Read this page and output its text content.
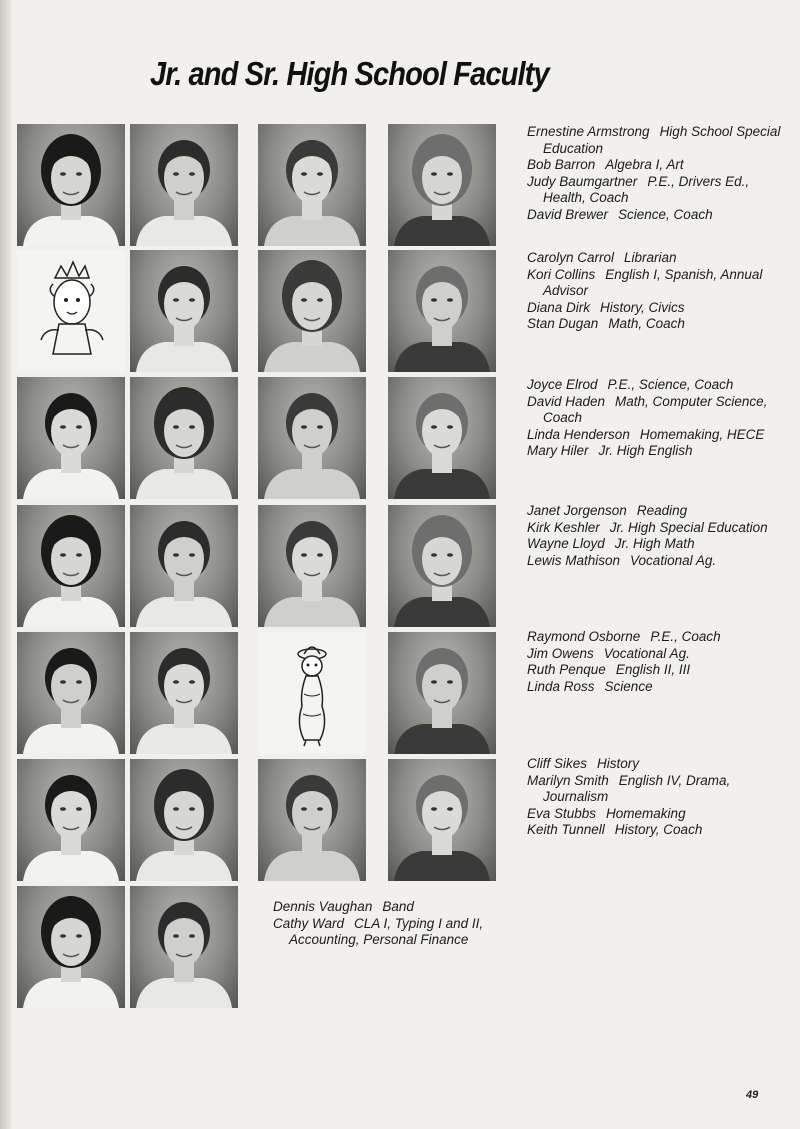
Jr. and Sr. High School Faculty
Ernestine Armstrong High School Special
Education
Bob Barron Algebra I, Art
Judy Baumgartner P.E., Drivers Ed.,
Health, Coach
David Brewer Science, Coach
Carolyn Carrol Librarian
Kori Collins English I, Spanish, Annual
Advisor
Diana Dirk History, Civics
Stan Dugan Math, Coach
Joyce Elrod P.E., Science, Coach
David Haden Math, Computer Science,
Coach
Linda Henderson Homemaking, HECE
Mary Hiler Jr. High English
Janet Jorgenson Reading
Kirk Keshler Jr. High Special Education
Wayne Lloyd Jr. High Math
Lewis Mathison Vocational Ag.
Raymond Osborne P.E., Coach
Jim Owens Vocational Ag.
Ruth Penque English II, III
Linda Ross Science
Cliff Sikes History
Marilyn Smith English IV, Drama,
Journalism
Eva Stubbs Homemaking
Keith Tunnell History, Coach
Dennis Vaughan Band
Cathy Ward CLA I, Typing I and II,
Accounting, Personal Finance
49
